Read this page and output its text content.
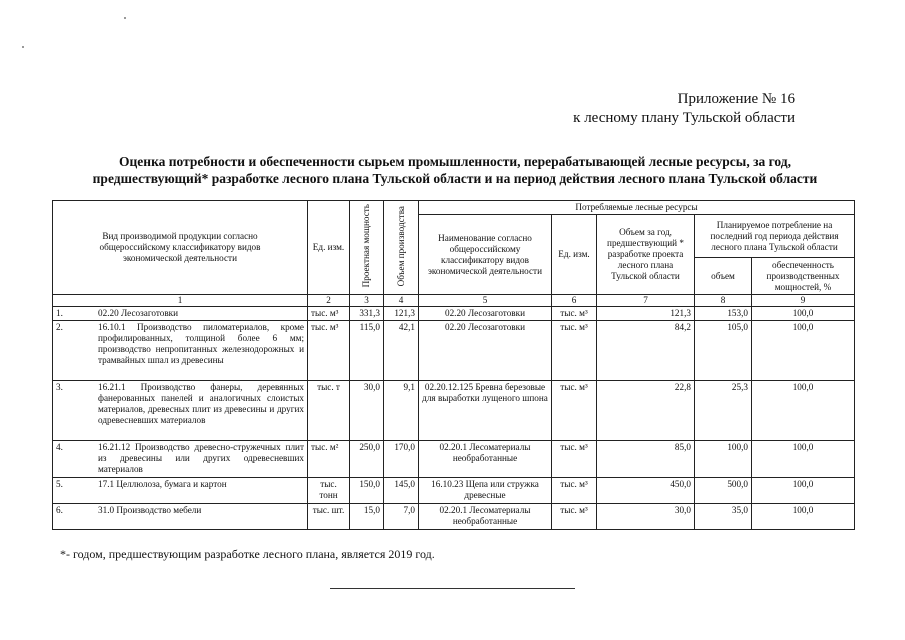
Приложение № 16
к лесному плану Тульской области
Оценка потребности и обеспеченности сырьем промышленности, перерабатывающей лесные ресурсы, за год,
предшествующий* разработке лесного плана Тульской области и на период действия лесного плана Тульской области
Вид производимой продукции согласно общероссийскому классификатору видов экономической деятельности	Ед. изм.	Проектная мощность	Объем производства	Потребляемые лесные ресурсы				
				Наименование согласно общероссийскому классификатору видов экономической деятельности	Ед. изм.	Объем за год, предшествующий * разработке проекта лесного плана Тульской области	Планируемое потребление на последний год периода действия лесного плана Тульской области	
							объем	обеспеченность производственных мощностей, %
1	2	3	4	5	6	7	8	9

1. 02.20 Лесозаготовки	тыс. м³	331,3	121,3	02.20 Лесозаготовки	тыс. м³	121,3	153,0	100,0

2. 16.10.1 Производство пиломатериалов, кроме профилированных, толщиной более 6 мм; производство непропитанных железнодорожных и трамвайных шпал из древесины	тыс. м³	115,0	42,1	02.20 Лесозаготовки	тыс. м³	84,2	105,0	100,0

3. 16.21.1 Производство фанеры, деревянных фанерованных панелей и аналогичных слоистых материалов, древесных плит из древесины и других одревесневших материалов	тыс. т	30,0	9,1	02.20.12.125 Бревна березовые для выработки лущеного шпона	тыс. м³	22,8	25,3	100,0

4. 16.21.12 Производство древесно-стружечных плит из древесины или других одревесневших материалов	тыс. м²	250,0	170,0	02.20.1 Лесоматериалы необработанные	тыс. м³	85,0	100,0	100,0

5. 17.1 Целлюлоза, бумага и картон	тыс. тонн	150,0	145,0	16.10.23 Щепа или стружка древесные	тыс. м³	450,0	500,0	100,0

6. 31.0 Производство мебели	тыс. шт.	15,0	7,0	02.20.1 Лесоматериалы необработанные	тыс. м³	30,0	35,0	100,0
*- годом, предшествующим разработке лесного плана, является 2019 год.
